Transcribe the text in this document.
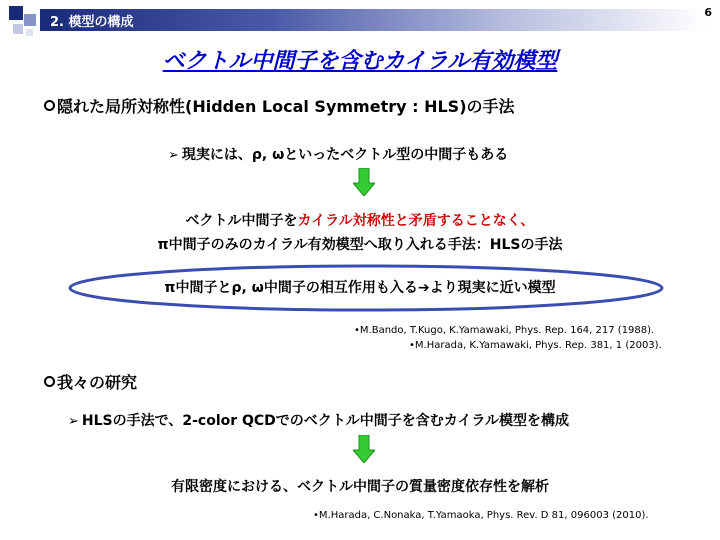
2. 模型の構成
6
ベクトル中間子を含むカイラル有効模型
隠れた局所対称性(Hidden Local Symmetry : HLS)の手法
➢ 現実には、ρ, ωといったベクトル型の中間子もある
ベクトル中間子をカイラル対称性と矛盾することなく、
π中間子のみのカイラル有効模型へ取り入れる手法：HLSの手法
π中間子とρ, ω中間子の相互作用も入る➔より現実に近い模型
•M.Bando, T.Kugo, K.Yamawaki, Phys. Rep. 164, 217 (1988).
•M.Harada, K.Yamawaki, Phys. Rep. 381, 1 (2003).
我々の研究
➢ HLSの手法で、2-color QCDでのベクトル中間子を含むカイラル模型を構成
有限密度における、ベクトル中間子の質量密度依存性を解析
•M.Harada, C.Nonaka, T.Yamaoka, Phys. Rev. D 81, 096003 (2010).
